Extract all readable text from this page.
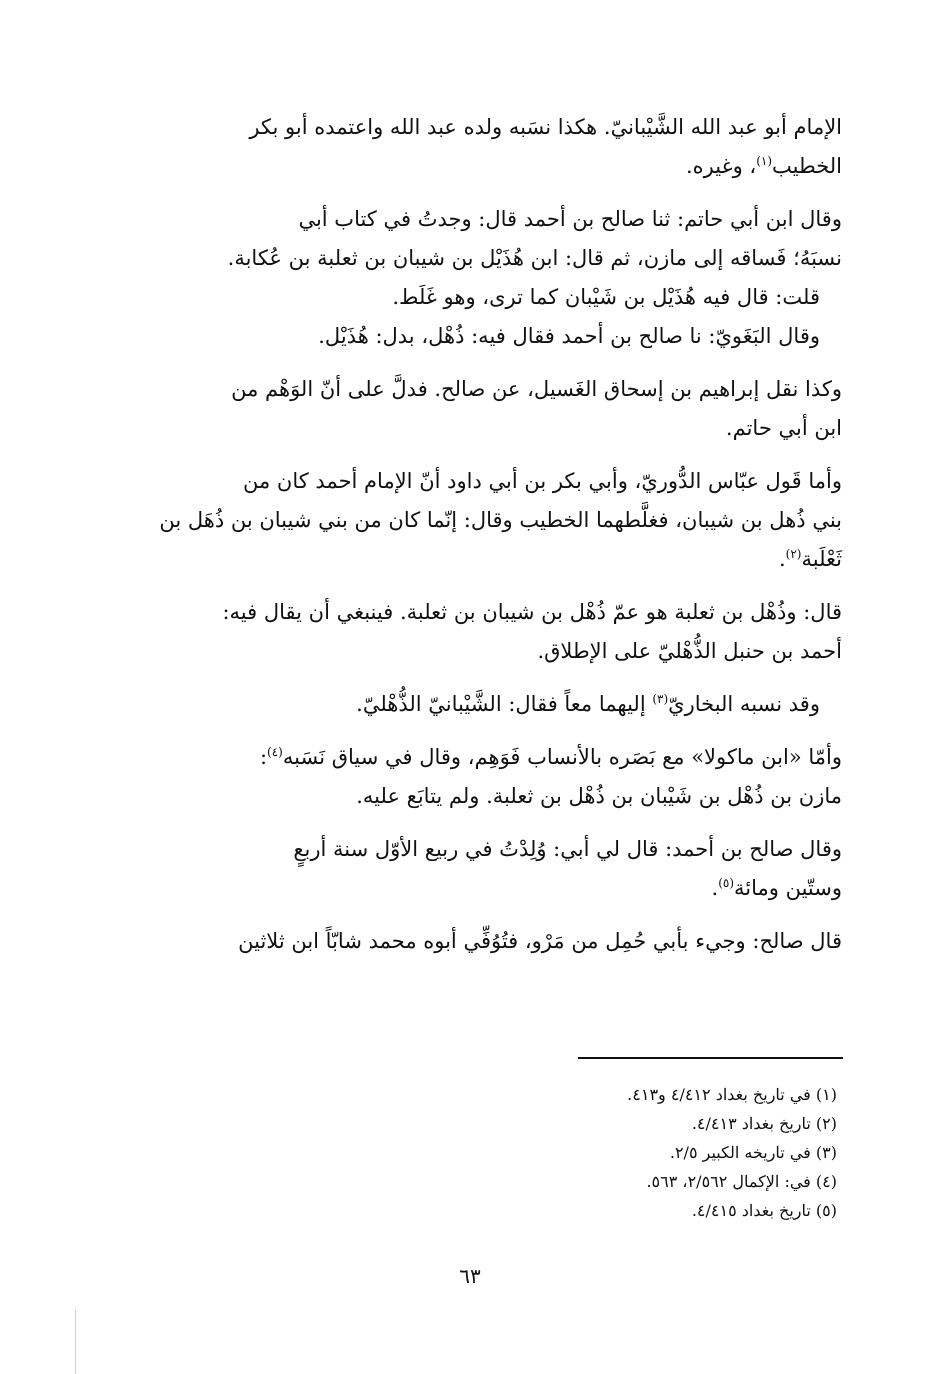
الإمام أبو عبد الله الشَّيْبانيّ. هكذا نسَبه ولده عبد الله واعتمده أبو بكر
الخطيب$^{(١)}$، وغيره.
وقال ابن أبي حاتم: ثنا صالح بن أحمد قال: وجدتُ في كتاب أبي
نسبَهُ؛ فَساقه إلى مازن، ثم قال: ابن هُذَيْل بن شيبان بن ثعلبة بن عُكابة.
قلت: قال فيه هُذَيْل بن شَيْبان كما ترى، وهو غَلَط.
وقال البَغَويّ: نا صالح بن أحمد فقال فيه: ذُهْل، بدل: هُذَيْل.
وكذا نقل إبراهيم بن إسحاق الغَسيل، عن صالح. فدلَّ على أنّ الوَهْم من
ابن أبي حاتم.
وأما قَول عبّاس الدُّوريّ، وأبي بكر بن أبي داود أنّ الإمام أحمد كان من
بني ذُهل بن شيبان، فغلَّطهما الخطيب وقال: إنّما كان من بني شيبان بن ذُهَل بن
ثَعْلَبة$^{(٢)}$.
قال: وذُهْل بن ثعلبة هو عمّ ذُهْل بن شيبان بن ثعلبة. فينبغي أن يقال فيه:
أحمد بن حنبل الذُّهْليّ على الإطلاق.
وقد نسبه البخاريّ$^{(٣)}$ إليهما معاً فقال: الشَّيْبانيّ الذُّهْليّ.
وأمّا «ابن ماكولا» مع بَصَره بالأنساب فَوَهِم، وقال في سياق نَسَبه$^{(٤)}$:
مازن بن ذُهْل بن شَيْبان بن ذُهْل بن ثعلبة. ولم يتابَع عليه.
وقال صالح بن أحمد: قال لي أبي: وُلِدْتُ في ربيع الأوّل سنة أربعٍ
وستّين ومائة$^{(٥)}$.
قال صالح: وجيء بأبي حُمِل من مَرْو، فتُوُفِّي أبوه محمد شابّاً ابن ثلاثين
(١) في تاريخ بغداد ٤/٤١٢ و٤١٣.
(٢) تاريخ بغداد ٤/٤١٣.
(٣) في تاريخه الكبير ٢/٥.
(٤) في: الإكمال ٢/٥٦٢، ٥٦٣.
(٥) تاريخ بغداد ٤/٤١٥.
٦٣
